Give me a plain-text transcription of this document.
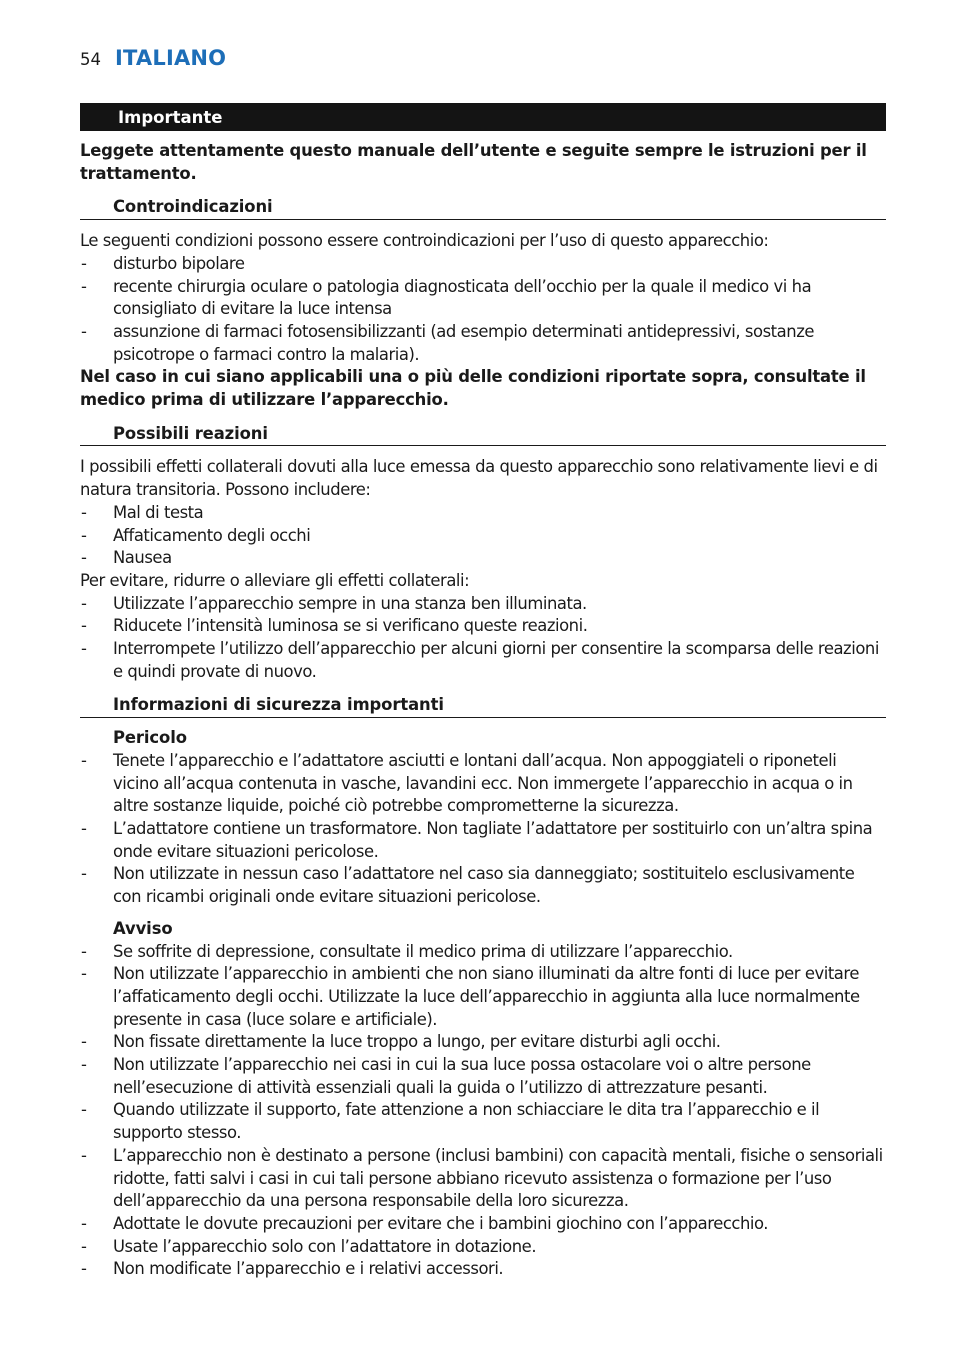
54 ITALIANO
Importante

Leggete attentamente questo manuale dell’utente e seguite sempre le istruzioni per il trattamento.

Controindicazioni

Le seguenti condizioni possono essere controindicazioni per l’uso di questo apparecchio:

- disturbo bipolare
- recente chirurgia oculare o patologia diagnosticata dell’occhio per la quale il medico vi ha consigliato di evitare la luce intensa
- assunzione di farmaci fotosensibilizzanti (ad esempio determinati antidepressivi, sostanze psicotrope o farmaci contro la malaria).

Nel caso in cui siano applicabili una o più delle condizioni riportate sopra, consultate il medico prima di utilizzare l’apparecchio.

Possibili reazioni

I possibili effetti collaterali dovuti alla luce emessa da questo apparecchio sono relativamente lievi e di natura transitoria. Possono includere:

- Mal di testa
- Affaticamento degli occhi
- Nausea

Per evitare, ridurre o alleviare gli effetti collaterali:

- Utilizzate l’apparecchio sempre in una stanza ben illuminata.
- Riducete l’intensità luminosa se si verificano queste reazioni.
- Interrompete l’utilizzo dell’apparecchio per alcuni giorni per consentire la scomparsa delle reazioni e quindi provate di nuovo.
Informazioni di sicurezza importanti
Pericolo
- Tenete l’apparecchio e l’adattatore asciutti e lontani dall’acqua. Non appoggiateli o riponeteli vicino all’acqua contenuta in vasche, lavandini ecc. Non immergete l’apparecchio in acqua o in altre sostanze liquide, poiché ciò potrebbe comprometterne la sicurezza.
- L’adattatore contiene un trasformatore. Non tagliate l’adattatore per sostituirlo con un’altra spina onde evitare situazioni pericolose.
- Non utilizzate in nessun caso l’adattatore nel caso sia danneggiato; sostituitelo esclusivamente con ricambi originali onde evitare situazioni pericolose.
Avviso
- Se soffrite di depressione, consultate il medico prima di utilizzare l’apparecchio.
- Non utilizzate l’apparecchio in ambienti che non siano illuminati da altre fonti di luce per evitare l’affaticamento degli occhi. Utilizzate la luce dell’apparecchio in aggiunta alla luce normalmente presente in casa (luce solare e artificiale).
- Non fissate direttamente la luce troppo a lungo, per evitare disturbi agli occhi.
- Non utilizzate l’apparecchio nei casi in cui la sua luce possa ostacolare voi o altre persone nell’esecuzione di attività essenziali quali la guida o l’utilizzo di attrezzature pesanti.
- Quando utilizzate il supporto, fate attenzione a non schiacciare le dita tra l’apparecchio e il supporto stesso.
- L’apparecchio non è destinato a persone (inclusi bambini) con capacità mentali, fisiche o sensoriali ridotte, fatti salvi i casi in cui tali persone abbiano ricevuto assistenza o formazione per l’uso dell’apparecchio da una persona responsabile della loro sicurezza.
- Adottate le dovute precauzioni per evitare che i bambini giochino con l’apparecchio.
- Usate l’apparecchio solo con l’adattatore in dotazione.
- Non modificate l’apparecchio e i relativi accessori.
